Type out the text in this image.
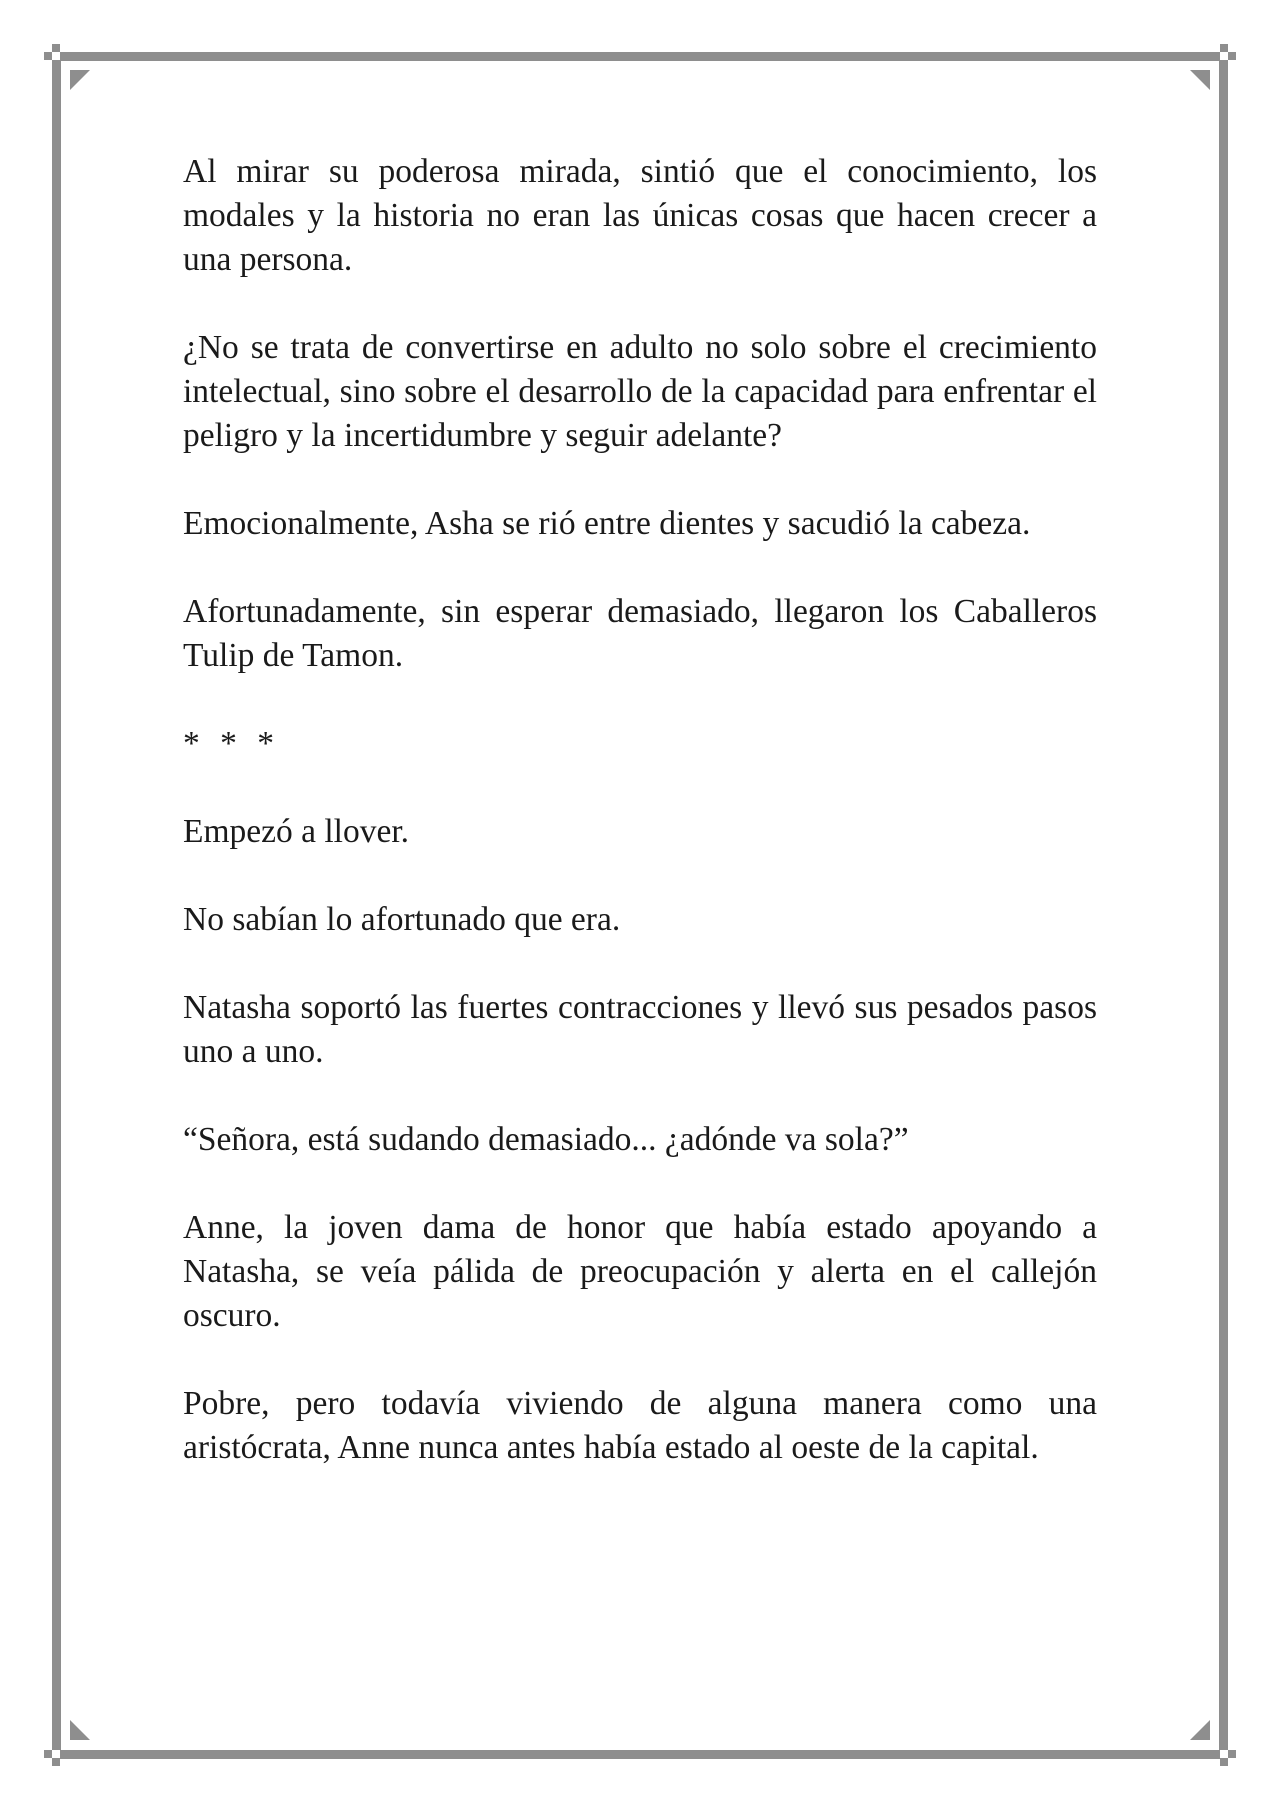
Al mirar su poderosa mirada, sintió que el conocimiento, los modales y la historia no eran las únicas cosas que hacen crecer a una persona.

¿No se trata de convertirse en adulto no solo sobre el crecimiento intelectual, sino sobre el desarrollo de la capacidad para enfrentar el peligro y la incertidumbre y seguir adelante?

Emocionalmente, Asha se rió entre dientes y sacudió la cabeza.

Afortunadamente, sin esperar demasiado, llegaron los Caballeros Tulip de Tamon.

* * *

Empezó a llover.

No sabían lo afortunado que era.

Natasha soportó las fuertes contracciones y llevó sus pesados pasos uno a uno.

“Señora, está sudando demasiado... ¿adónde va sola?”

Anne, la joven dama de honor que había estado apoyando a Natasha, se veía pálida de preocupación y alerta en el callejón oscuro.

Pobre, pero todavía viviendo de alguna manera como una aristócrata, Anne nunca antes había estado al oeste de la capital.
